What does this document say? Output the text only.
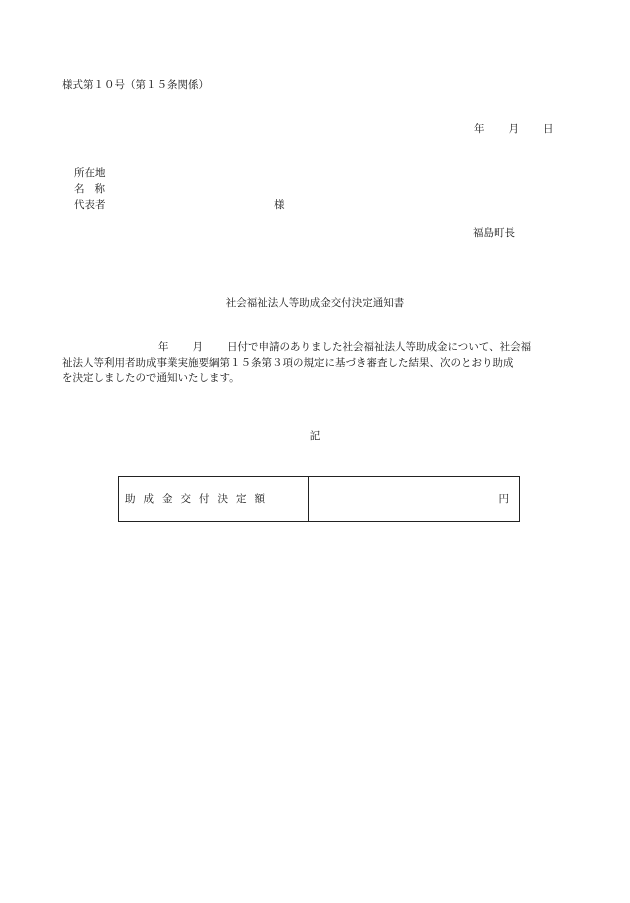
様式第１０号（第１５条関係）
年 月 日
所在地
名称
代表者	様
福島町長
社会福祉法人等助成金交付決定通知書
年 月 日付で申請のありました社会福祉法人等助成金について、社会福
祉法人等利用者助成事業実施要綱第１５条第３項の規定に基づき審査した結果、次のとおり助成
を決定しましたので通知いたします。
記
助成金交付決定額	円
